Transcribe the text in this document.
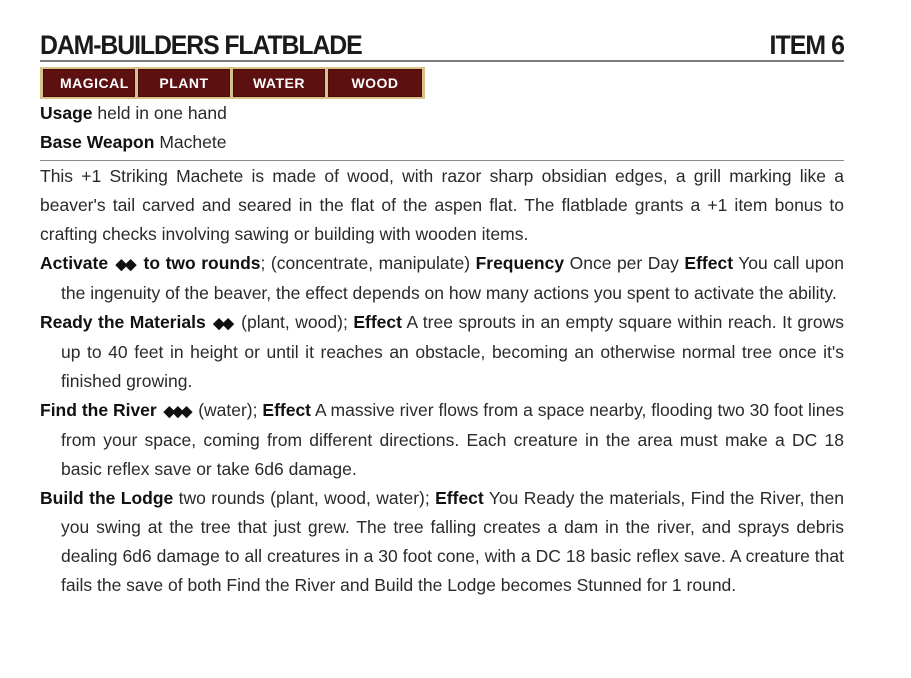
DAM-BUILDERS FLATBLADE	ITEM 6
MAGICAL	PLANT	WATER	WOOD
Usage held in one hand
Base Weapon Machete
This +1 Striking Machete is made of wood, with razor sharp obsidian edges, a grill marking like a beaver's tail carved and seared in the flat of the aspen flat. The flatblade grants a +1 item bonus to crafting checks involving sawing or building with wooden items.
Activate ◆◆ to two rounds; (concentrate, manipulate) Frequency Once per Day Effect You call upon the ingenuity of the beaver, the effect depends on how many actions you spent to activate the ability.
Ready the Materials ◆◆ (plant, wood); Effect A tree sprouts in an empty square within reach. It grows up to 40 feet in height or until it reaches an obstacle, becoming an otherwise normal tree once it's finished growing.
Find the River ◆◆◆ (water); Effect A massive river flows from a space nearby, flooding two 30 foot lines from your space, coming from different directions. Each creature in the area must make a DC 18 basic reflex save or take 6d6 damage.
Build the Lodge two rounds (plant, wood, water); Effect You Ready the materials, Find the River, then you swing at the tree that just grew. The tree falling creates a dam in the river, and sprays debris dealing 6d6 damage to all creatures in a 30 foot cone, with a DC 18 basic reflex save. A creature that fails the save of both Find the River and Build the Lodge becomes Stunned for 1 round.
